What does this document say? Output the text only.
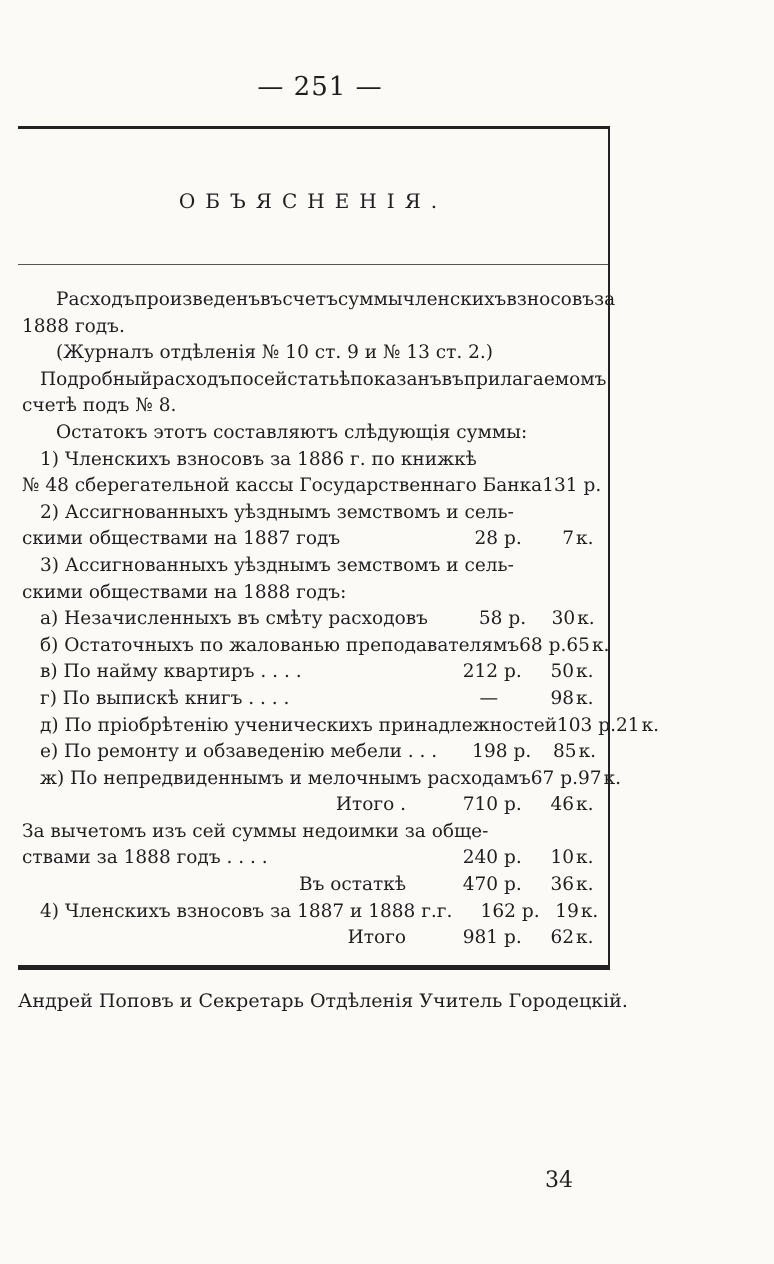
— 251 —
ОБЪЯСНЕНІЯ.
Расходъ произведенъ въ счетъ суммы членскихъ взносовъ за
1888 годъ.
(Журналъ отдѣленія № 10 ст. 9 и № 13 ст. 2.)
Подробный расходъ по сей статьѣ показанъ въ прилагаемомъ
счетѣ подъ № 8.
Остатокъ этотъ составляютъ слѣдующія суммы:
1) Членскихъ взносовъ за 1886 г. по книжкѣ
№ 48 сберегательной кассы Государственнаго Банка 131 р.
2) Ассигнованныхъ уѣзднымъ земствомъ и сель-
скими обществами на 1887 годъ	28 р.	7 к.
3) Ассигнованныхъ уѣзднымъ земствомъ и сель-
скими обществами на 1888 годъ:
а) Незачисленныхъ въ смѣту расходовъ	58 р.	30 к.
б) Остаточныхъ по жалованью преподавателямъ 68 р. 65 к.
в) По найму квартиръ . . . .	212 р.	50 к.
г) По выпискѣ книгъ . . . .	—	98 к.
д) По пріобрѣтенію ученическихъ принадлежностей 103 р. 21 к.
е) По ремонту и обзаведенію мебели . . .	198 р.	85 к.
ж) По непредвиденнымъ и мелочнымъ расходамъ 67 р. 97 к.
Итого .	710 р.	46 к.
За вычетомъ изъ сей суммы недоимки за обще-
ствами за 1888 годъ . . . .	240 р.	10 к.
Въ остаткѣ	470 р.	36 к.
4) Членскихъ взносовъ за 1887 и 1888 г.г.	162 р. 19 к.
Итого	981 р.	62 к.
Андрей Поповъ и Секретарь Отдѣленія Учитель Городецкій.
34
